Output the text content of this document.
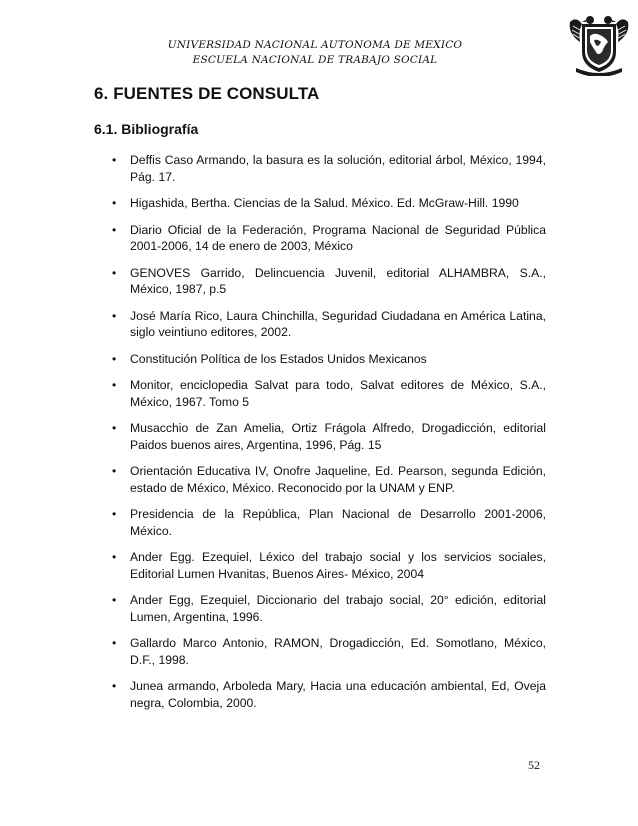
UNIVERSIDAD NACIONAL AUTONOMA DE MEXICO
ESCUELA NACIONAL DE TRABAJO SOCIAL
6. FUENTES DE CONSULTA
6.1. Bibliografía
• Deffis Caso Armando, la basura es la solución, editorial árbol, México, 1994, Pág. 17.
• Higashida, Bertha. Ciencias de la Salud. México. Ed. McGraw-Hill. 1990
• Diario Oficial de la Federación, Programa Nacional de Seguridad Pública 2001-2006, 14 de enero de 2003, México
• GENOVES Garrido, Delincuencia Juvenil, editorial ALHAMBRA, S.A., México, 1987, p.5
• José María Rico, Laura Chinchilla, Seguridad Ciudadana en América Latina, siglo veintiuno editores, 2002.
• Constitución Política de los Estados Unidos Mexicanos
• Monitor, enciclopedia Salvat para todo, Salvat editores de México, S.A., México, 1967. Tomo 5
• Musacchio de Zan Amelia, Ortiz Frágola Alfredo, Drogadicción, editorial Paidos buenos aires, Argentina, 1996, Pág. 15
• Orientación Educativa IV, Onofre Jaqueline, Ed. Pearson, segunda Edición, estado de México, México. Reconocido por la UNAM y ENP.
• Presidencia de la República, Plan Nacional de Desarrollo 2001-2006, México.
• Ander Egg. Ezequiel, Léxico del trabajo social y los servicios sociales, Editorial Lumen Hvanitas, Buenos Aires- México, 2004
• Ander Egg, Ezequiel, Diccionario del trabajo social, 20° edición, editorial Lumen, Argentina, 1996.
• Gallardo Marco Antonio, RAMON, Drogadicción, Ed. Somotlano, México, D.F., 1998.
• Junea armando, Arboleda Mary, Hacia una educación ambiental, Ed, Oveja negra, Colombia, 2000.
52
